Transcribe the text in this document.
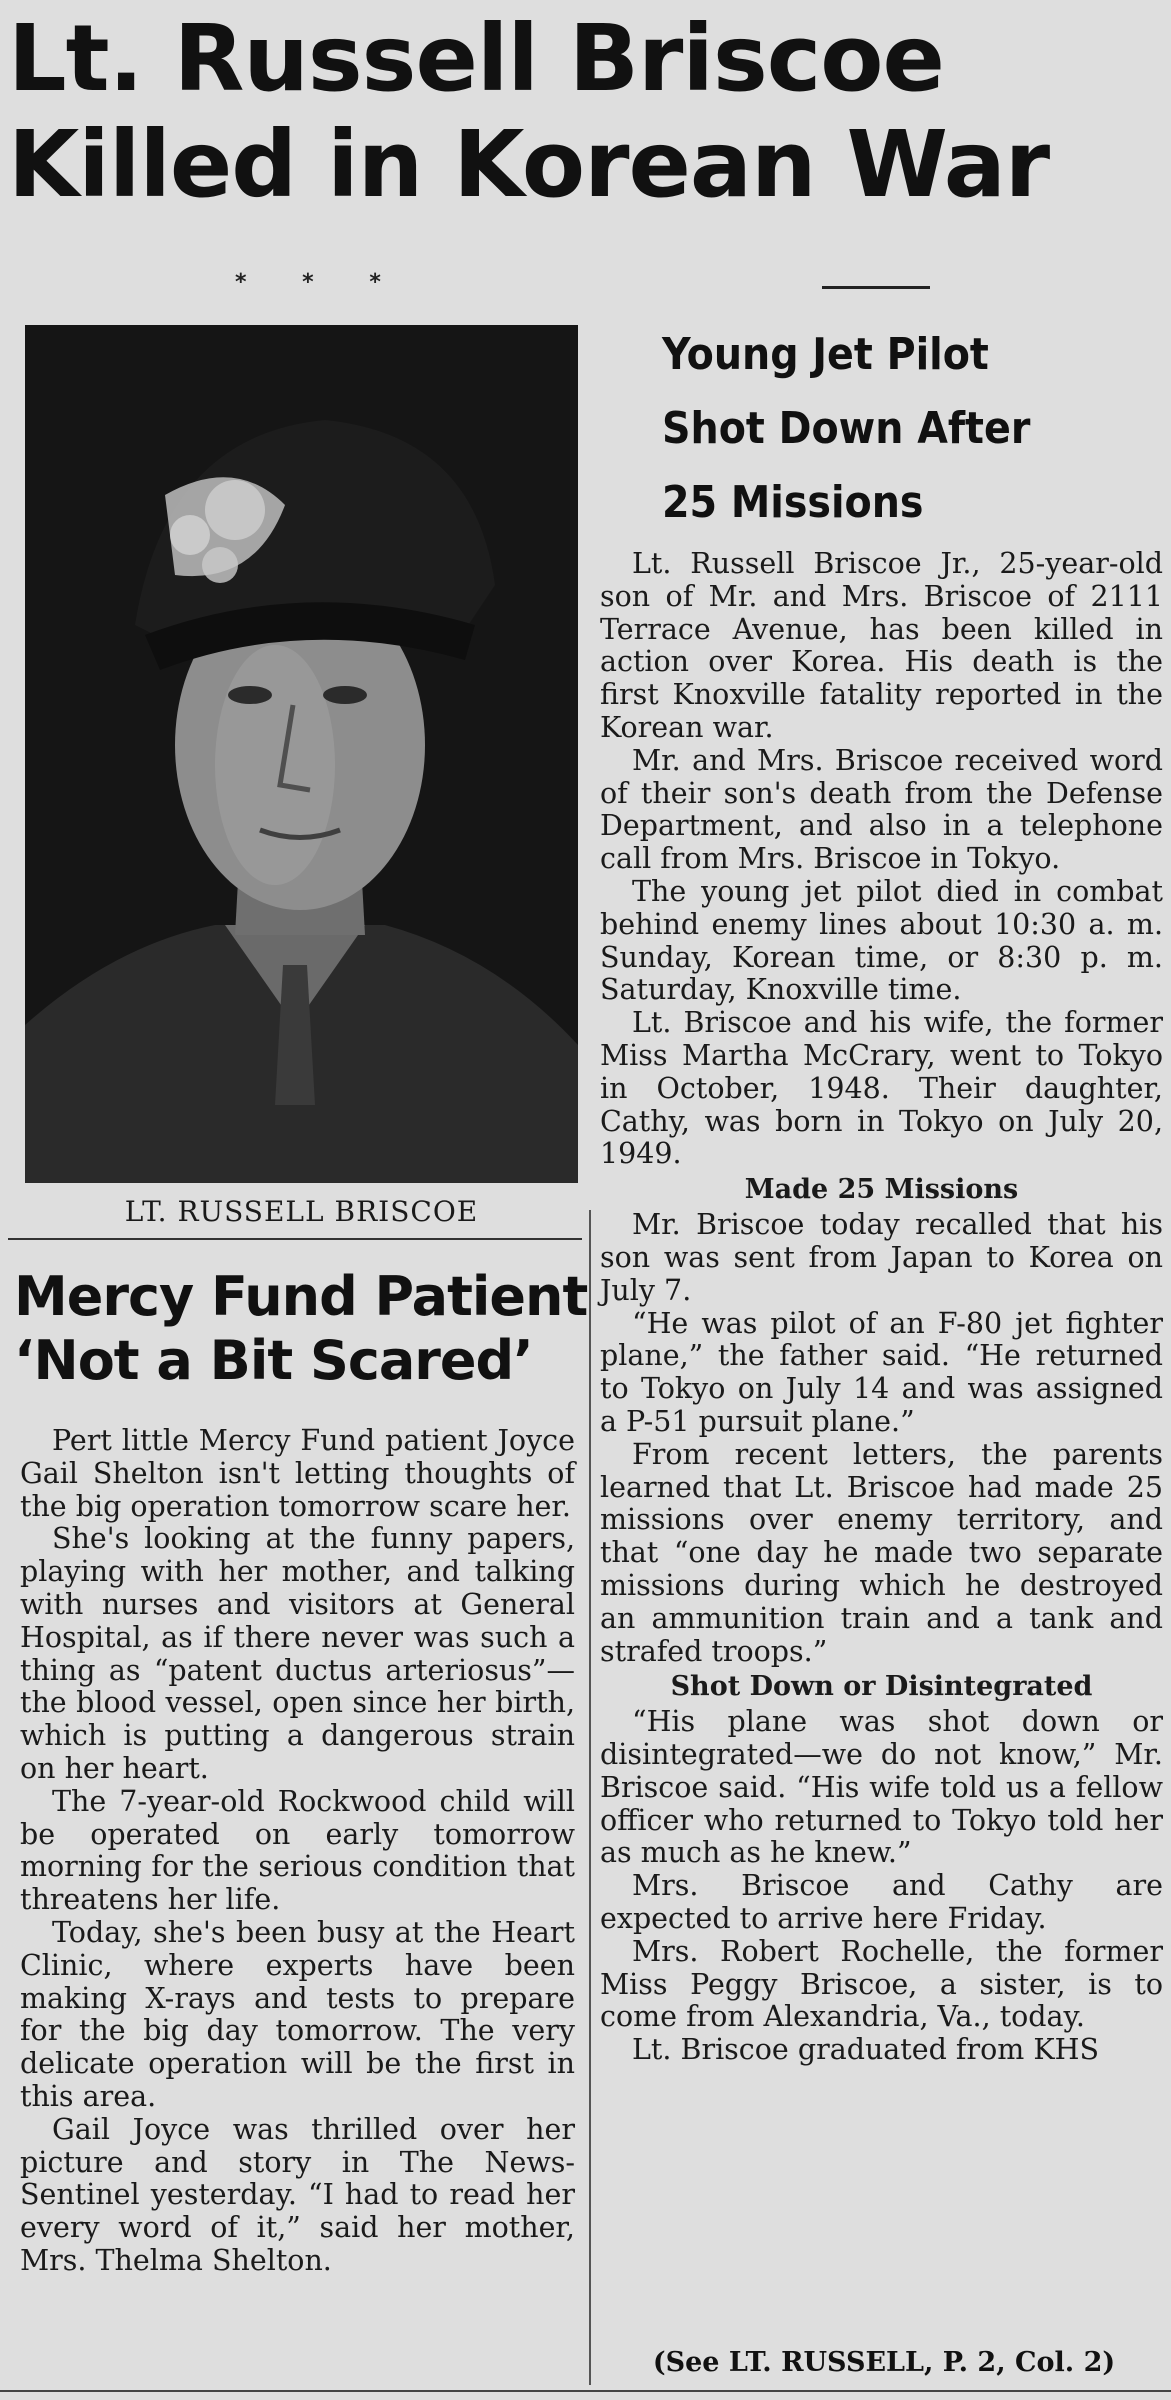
Lt. Russell Briscoe
Killed in Korean War
* * *
LT. RUSSELL BRISCOE
Young Jet Pilot
Shot Down After
25 Missions

Lt. Russell Briscoe Jr., 25-year-old son of Mr. and Mrs. Briscoe of 2111 Terrace Avenue, has been killed in action over Korea. His death is the first Knoxville fatality reported in the Korean war.

Mr. and Mrs. Briscoe received word of their son's death from the Defense Department, and also in a telephone call from Mrs. Briscoe in Tokyo.

The young jet pilot died in combat behind enemy lines about 10:30 a. m. Sunday, Korean time, or 8:30 p. m. Saturday, Knoxville time.

Lt. Briscoe and his wife, the former Miss Martha McCrary, went to Tokyo in October, 1948. Their daughter, Cathy, was born in Tokyo on July 20, 1949.

Made 25 Missions

Mr. Briscoe today recalled that his son was sent from Japan to Korea on July 7.

“He was pilot of an F-80 jet fighter plane,” the father said. “He returned to Tokyo on July 14 and was assigned a P-51 pursuit plane.”

From recent letters, the parents learned that Lt. Briscoe had made 25 missions over enemy territory, and that “one day he made two separate missions during which he destroyed an ammunition train and a tank and strafed troops.”

Shot Down or Disintegrated

“His plane was shot down or disintegrated—we do not know,” Mr. Briscoe said. “His wife told us a fellow officer who returned to Tokyo told her as much as he knew.”

Mrs. Briscoe and Cathy are expected to arrive here Friday.

Mrs. Robert Rochelle, the former Miss Peggy Briscoe, a sister, is to come from Alexandria, Va., today.

Lt. Briscoe graduated from KHS

(See LT. RUSSELL, P. 2, Col. 2)
Mercy Fund Patient
‘Not a Bit Scared’

Pert little Mercy Fund patient Joyce Gail Shelton isn't letting thoughts of the big operation tomorrow scare her.

She's looking at the funny papers, playing with her mother, and talking with nurses and visitors at General Hospital, as if there never was such a thing as “patent ductus arteriosus”—the blood vessel, open since her birth, which is putting a dangerous strain on her heart.

The 7-year-old Rockwood child will be operated on early tomorrow morning for the serious condition that threatens her life.

Today, she's been busy at the Heart Clinic, where experts have been making X-rays and tests to prepare for the big day tomorrow. The very delicate operation will be the first in this area.

Gail Joyce was thrilled over her picture and story in The News-Sentinel yesterday. “I had to read her every word of it,” said her mother, Mrs. Thelma Shelton.
